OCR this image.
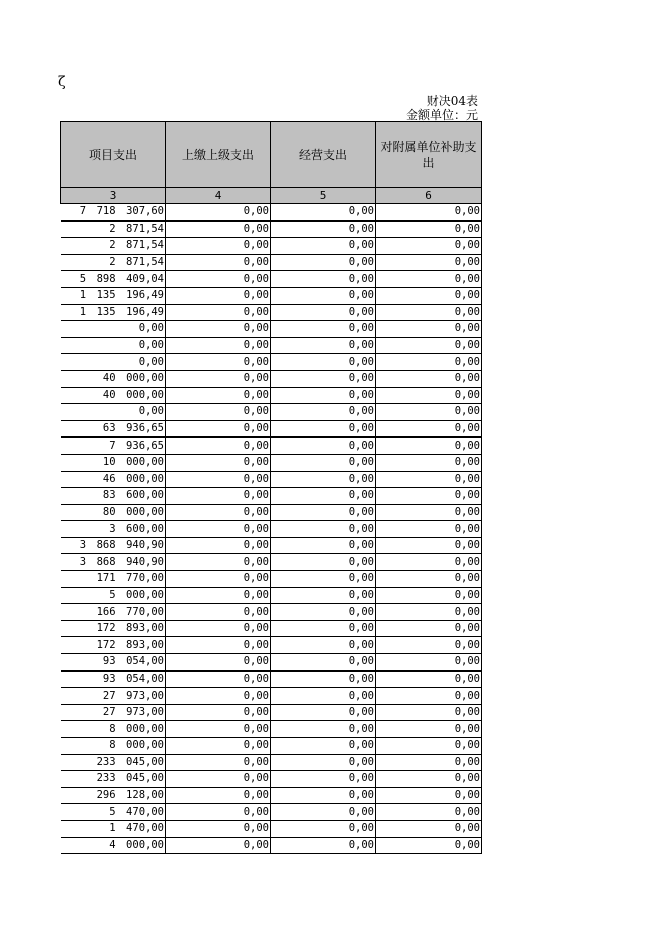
ζ
财决04表
金额单位：元
项目支出	上缴上级支出	经营支出	对附属单位补助支出
3	4	5	6
7　718　307,60	0,00	0,00	0,00
2　871,54	0,00	0,00	0,00
2　871,54	0,00	0,00	0,00
2　871,54	0,00	0,00	0,00
5　898　409,04	0,00	0,00	0,00
1　135　196,49	0,00	0,00	0,00
1　135　196,49	0,00	0,00	0,00
0,00	0,00	0,00	0,00
0,00	0,00	0,00	0,00
0,00	0,00	0,00	0,00
40　000,00	0,00	0,00	0,00
40　000,00	0,00	0,00	0,00
0,00	0,00	0,00	0,00
63　936,65	0,00	0,00	0,00
7　936,65	0,00	0,00	0,00
10　000,00	0,00	0,00	0,00
46　000,00	0,00	0,00	0,00
83　600,00	0,00	0,00	0,00
80　000,00	0,00	0,00	0,00
3　600,00	0,00	0,00	0,00
3　868　940,90	0,00	0,00	0,00
3　868　940,90	0,00	0,00	0,00
171　770,00	0,00	0,00	0,00
5　000,00	0,00	0,00	0,00
166　770,00	0,00	0,00	0,00
172　893,00	0,00	0,00	0,00
172　893,00	0,00	0,00	0,00
93　054,00	0,00	0,00	0,00
93　054,00	0,00	0,00	0,00
27　973,00	0,00	0,00	0,00
27　973,00	0,00	0,00	0,00
8　000,00	0,00	0,00	0,00
8　000,00	0,00	0,00	0,00
233　045,00	0,00	0,00	0,00
233　045,00	0,00	0,00	0,00
296　128,00	0,00	0,00	0,00
5　470,00	0,00	0,00	0,00
1　470,00	0,00	0,00	0,00
4　000,00	0,00	0,00	0,00
